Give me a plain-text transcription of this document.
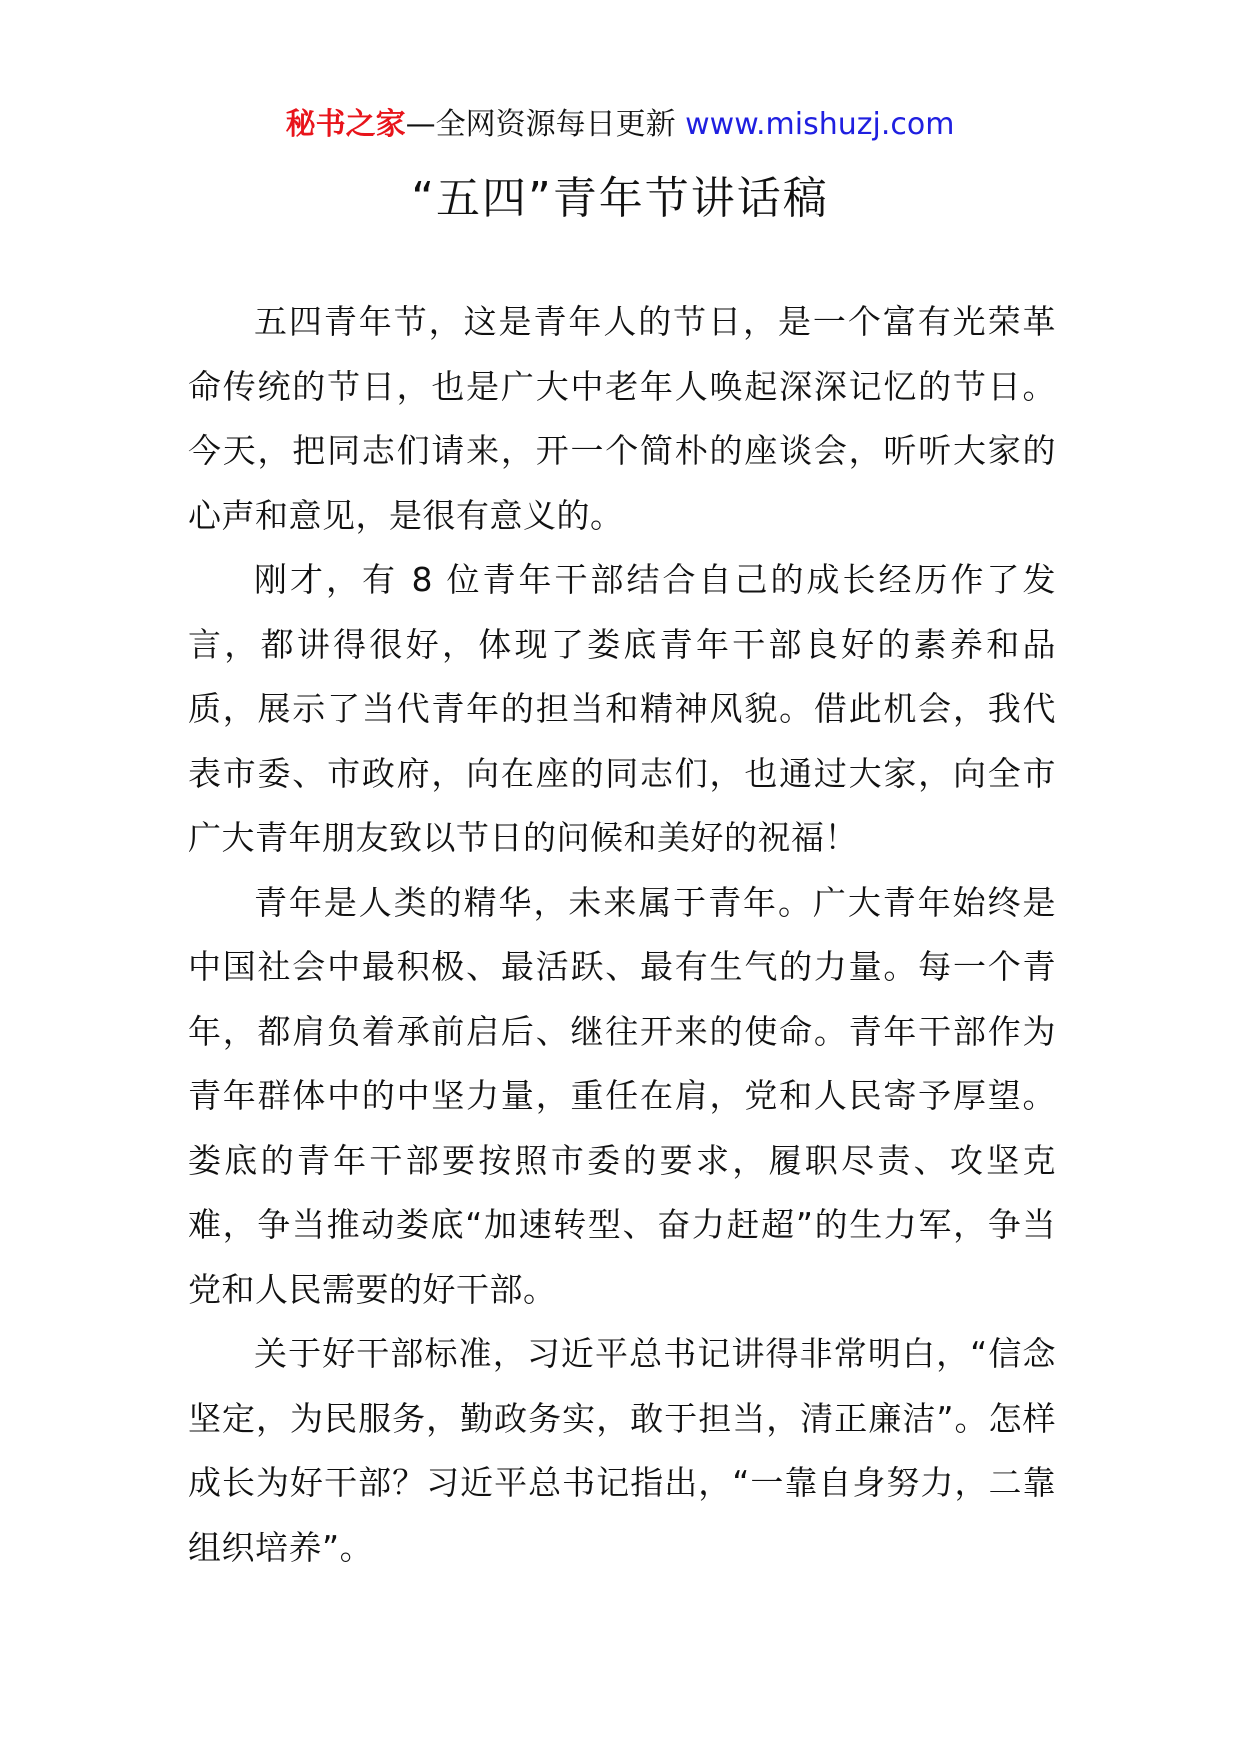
秘书之家—全网资源每日更新 www.mishuzj.com
“五四”青年节讲话稿

五四青年节，这是青年人的节日，是一个富有光荣革命传统的节日，也是广大中老年人唤起深深记忆的节日。今天，把同志们请来，开一个简朴的座谈会，听听大家的心声和意见，是很有意义的。

刚才，有 8 位青年干部结合自己的成长经历作了发言，都讲得很好，体现了娄底青年干部良好的素养和品质，展示了当代青年的担当和精神风貌。借此机会，我代表市委、市政府，向在座的同志们，也通过大家，向全市广大青年朋友致以节日的问候和美好的祝福！

青年是人类的精华，未来属于青年。广大青年始终是中国社会中最积极、最活跃、最有生气的力量。每一个青年，都肩负着承前启后、继往开来的使命。青年干部作为青年群体中的中坚力量，重任在肩，党和人民寄予厚望。娄底的青年干部要按照市委的要求，履职尽责、攻坚克难，争当推动娄底“加速转型、奋力赶超”的生力军，争当党和人民需要的好干部。

关于好干部标准，习近平总书记讲得非常明白，“信念坚定，为民服务，勤政务实，敢于担当，清正廉洁”。怎样成长为好干部？习近平总书记指出，“一靠自身努力，二靠组织培养”。
